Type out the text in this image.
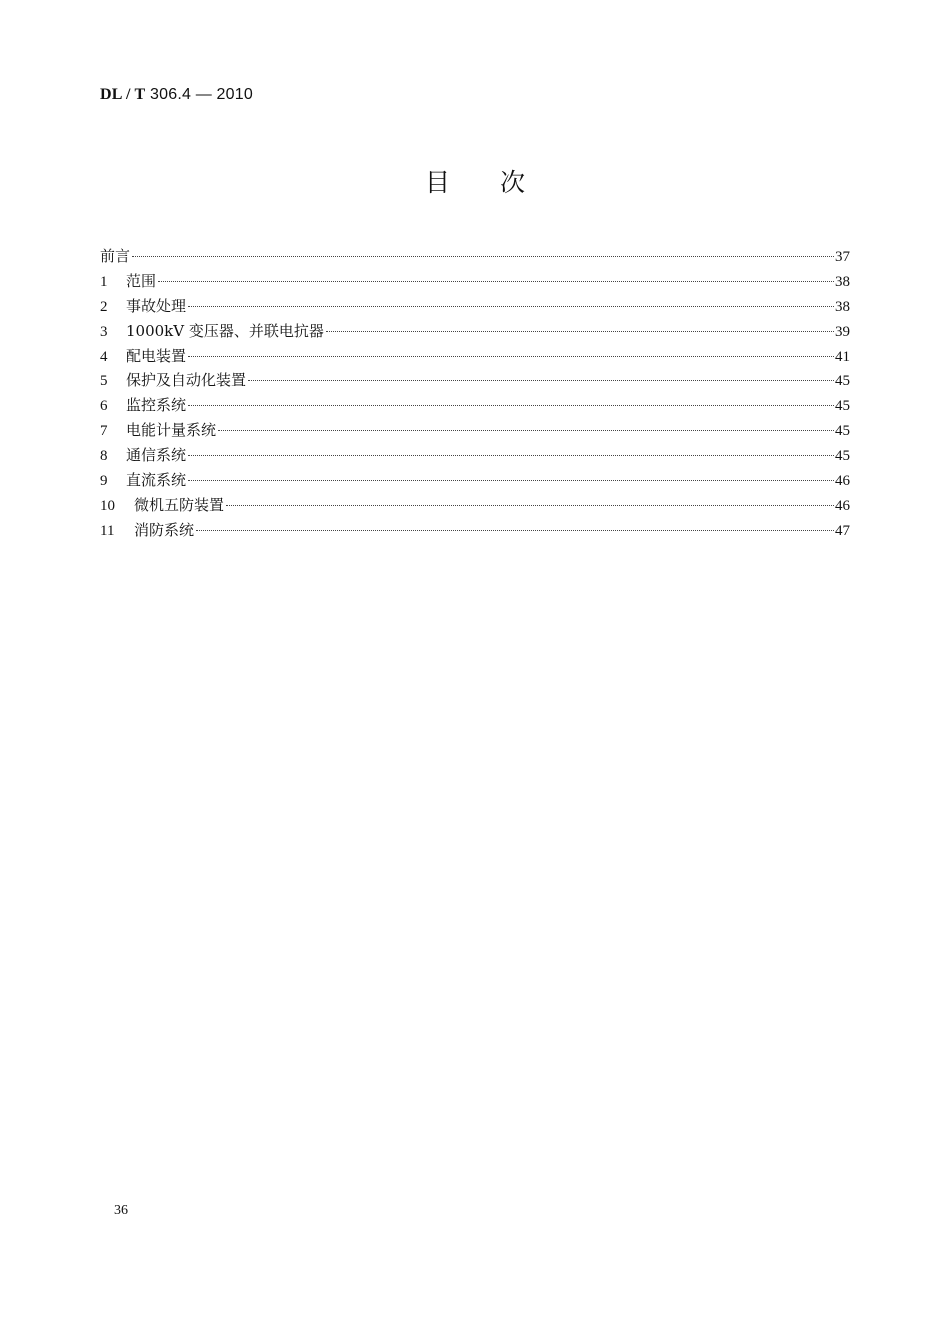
DL / T 306.4 — 2010
目 次
前言	37
1	范围	38
2	事故处理	38
3	1000kV 变压器、并联电抗器	39
4	配电装置	41
5	保护及自动化装置	45
6	监控系统	45
7	电能计量系统	45
8	通信系统	45
9	直流系统	46
10	微机五防装置	46
11	消防系统	47
36
